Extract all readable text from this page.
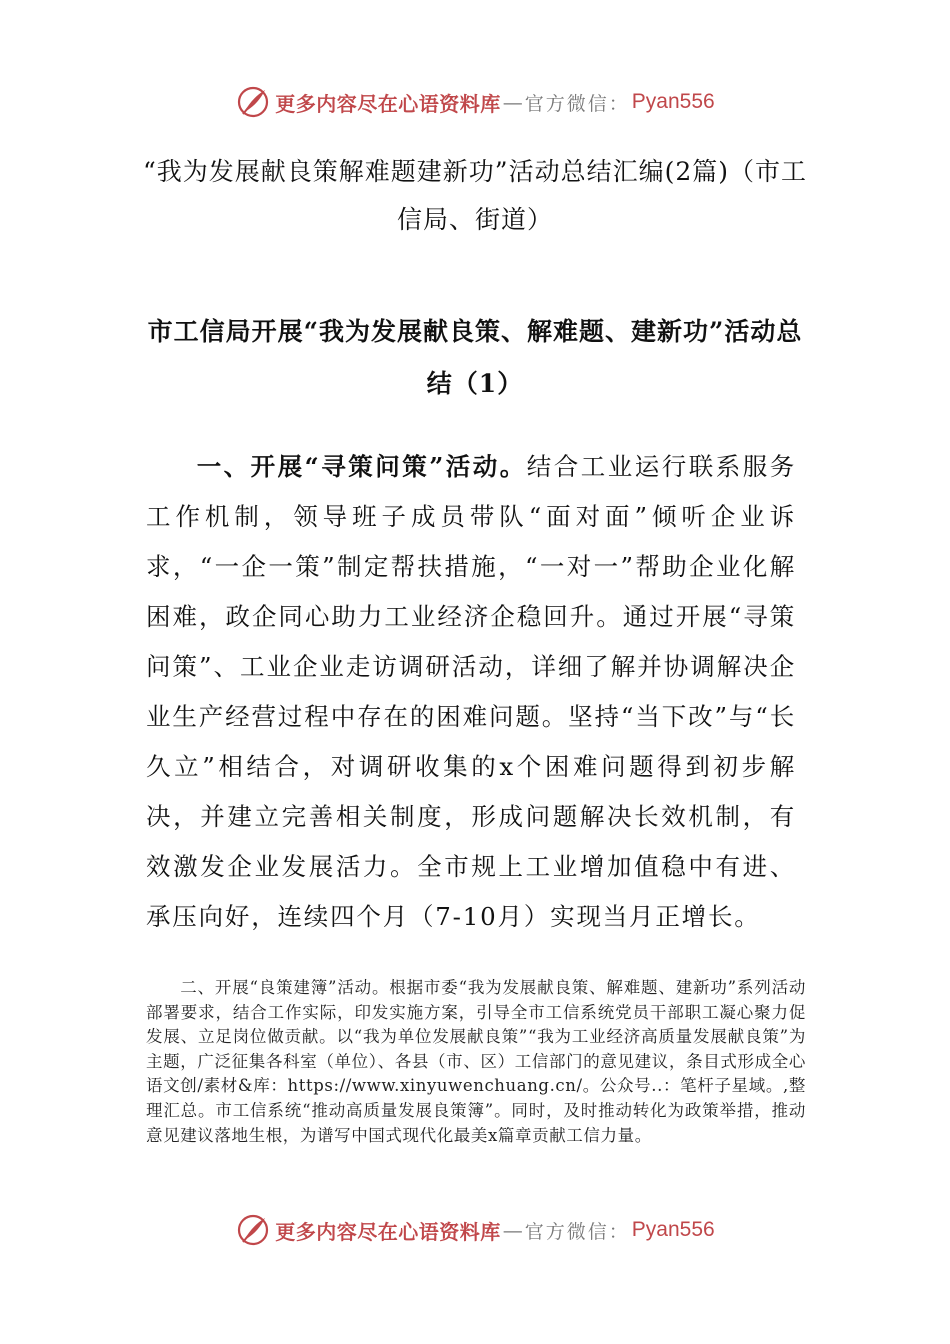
更多内容尽在心语资料库 — 官方微信： Pyan556
“我为发展献良策解难题建新功”活动总结汇编(2篇)（市工信局、街道）
市工信局开展“我为发展献良策、解难题、建新功”活动总结（1）
一、开展“寻策问策”活动。结合工业运行联系服务工作机制，领导班子成员带队“面对面”倾听企业诉求，“一企一策”制定帮扶措施，“一对一”帮助企业化解困难，政企同心助力工业经济企稳回升。通过开展“寻策问策”、工业企业走访调研活动，详细了解并协调解决企业生产经营过程中存在的困难问题。坚持“当下改”与“长久立”相结合，对调研收集的x个困难问题得到初步解决，并建立完善相关制度，形成问题解决长效机制，有效激发企业发展活力。全市规上工业增加值稳中有进、承压向好，连续四个月（7-10月）实现当月正增长。
二、开展“良策建簿”活动。根据市委“我为发展献良策、解难题、建新功”系列活动部署要求，结合工作实际，印发实施方案，引导全市工信系统党员干部职工凝心聚力促发展、立足岗位做贡献。以“我为单位发展献良策”“我为工业经济高质量发展献良策”为主题，广泛征集各科室（单位）、各县（市、区）工信部门的意见建议，条目式形成全心语文创/素材&库：https://www.xinyuwenchuang.cn/。公众号..：笔杆子星域。,整理汇总。市工信系统“推动高质量发展良策簿”。同时，及时推动转化为政策举措，推动意见建议落地生根，为谱写中国式现代化最美x篇章贡献工信力量。
更多内容尽在心语资料库 — 官方微信： Pyan556
